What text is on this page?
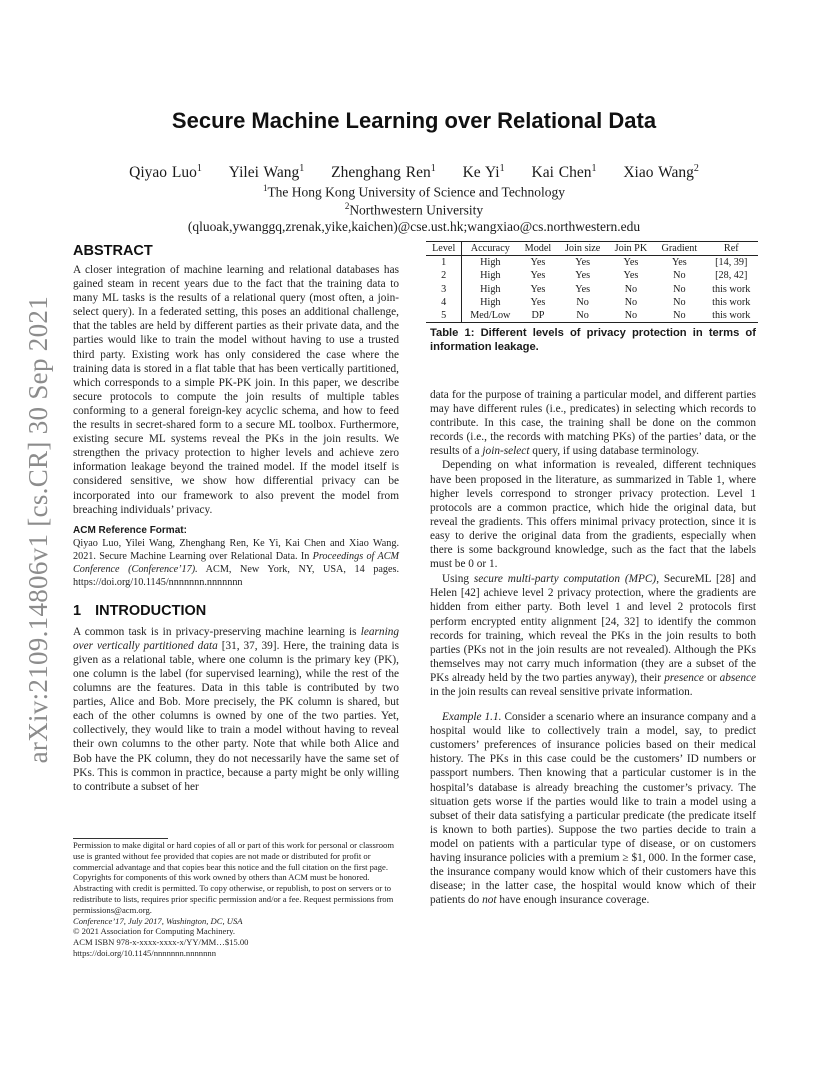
arXiv:2109.14806v1 [cs.CR] 30 Sep 2021
Secure Machine Learning over Relational Data
Qiyao Luo$^1$ Yilei Wang$^1$ Zhenghang Ren$^1$ Ke Yi$^1$ Kai Chen$^1$ Xiao Wang$^2$
$^1$The Hong Kong University of Science and Technology
$^2$Northwestern University
(qluoak,ywanggq,zrenak,yike,kaichen)@cse.ust.hk;wangxiao@cs.northwestern.edu
ABSTRACT

A closer integration of machine learning and relational databases has gained steam in recent years due to the fact that the training data to many ML tasks is the results of a relational query (most often, a join-select query). In a federated setting, this poses an additional challenge, that the tables are held by different parties as their private data, and the parties would like to train the model without having to use a trusted third party. Existing work has only considered the case where the training data is stored in a flat table that has been vertically partitioned, which corresponds to a simple PK-PK join. In this paper, we describe secure protocols to compute the join results of multiple tables conforming to a general foreign-key acyclic schema, and how to feed the results in secret-shared form to a secure ML toolbox. Furthermore, existing secure ML systems reveal the PKs in the join results. We strengthen the privacy protection to higher levels and achieve zero information leakage beyond the trained model. If the model itself is considered sensitive, we show how differential privacy can be incorporated into our framework to also prevent the model from breaching individuals’ privacy.

ACM Reference Format:
Qiyao Luo, Yilei Wang, Zhenghang Ren, Ke Yi, Kai Chen and Xiao Wang. 2021. Secure Machine Learning over Relational Data. In Proceedings of ACM Conference (Conference’17). ACM, New York, NY, USA, 14 pages. https://doi.org/10.1145/nnnnnnn.nnnnnnn
1 INTRODUCTION

A common task is in privacy-preserving machine learning is learning over vertically partitioned data [31, 37, 39]. Here, the training data is given as a relational table, where one column is the primary key (PK), one column is the label (for supervised learning), while the rest of the columns are the features. Data in this table is contributed by two parties, Alice and Bob. More precisely, the PK column is shared, but each of the other columns is owned by one of the two parties. Yet, collectively, they would like to train a model without having to reveal their own columns to the other party. Note that while both Alice and Bob have the PK column, they do not necessarily have the same set of PKs. This is common in practice, because a party might be only willing to contribute a subset of her

Permission to make digital or hard copies of all or part of this work for personal or classroom use is granted without fee provided that copies are not made or distributed for profit or commercial advantage and that copies bear this notice and the full citation on the first page. Copyrights for components of this work owned by others than ACM must be honored. Abstracting with credit is permitted. To copy otherwise, or republish, to post on servers or to redistribute to lists, requires prior specific permission and/or a fee. Request permissions from permissions@acm.org.
Conference’17, July 2017, Washington, DC, USA
© 2021 Association for Computing Machinery.
ACM ISBN 978-x-xxxx-xxxx-x/YY/MM…$15.00
https://doi.org/10.1145/nnnnnnn.nnnnnnn
Level	Accuracy	Model	Join size	Join PK	Gradient	Ref
1	High	Yes	Yes	Yes	Yes	[14, 39]
2	High	Yes	Yes	Yes	No	[28, 42]
3	High	Yes	Yes	No	No	this work
4	High	Yes	No	No	No	this work
5	Med/Low	DP	No	No	No	this work
Table 1: Different levels of privacy protection in terms of information leakage.

data for the purpose of training a particular model, and different parties may have different rules (i.e., predicates) in selecting which records to contribute. In this case, the training shall be done on the common records (i.e., the records with matching PKs) of the parties’ data, or the results of a join-select query, if using database terminology.

Depending on what information is revealed, different techniques have been proposed in the literature, as summarized in Table 1, where higher levels correspond to stronger privacy protection. Level 1 protocols are a common practice, which hide the original data, but reveal the gradients. This offers minimal privacy protection, since it is easy to derive the original data from the gradients, especially when there is some background knowledge, such as the fact that the labels must be 0 or 1.

Using secure multi-party computation (MPC), SecureML [28] and Helen [42] achieve level 2 privacy protection, where the gradients are hidden from either party. Both level 1 and level 2 protocols first perform encrypted entity alignment [24, 32] to identify the common records for training, which reveal the PKs in the join results to both parties (PKs not in the join results are not revealed). Although the PKs themselves may not carry much information (they are a subset of the PKs already held by the two parties anyway), their presence or absence in the join results can reveal sensitive private information.

Example 1.1. Consider a scenario where an insurance company and a hospital would like to collectively train a model, say, to predict customers’ preferences of insurance policies based on their medical history. The PKs in this case could be the customers’ ID numbers or passport numbers. Then knowing that a particular customer is in the hospital’s database is already breaching the customer’s privacy. The situation gets worse if the parties would like to train a model using a subset of their data satisfying a particular predicate (the predicate itself is known to both parties). Suppose the two parties decide to train a model on patients with a particular type of disease, or on customers having insurance policies with a premium ≥ $1, 000. In the former case, the insurance company would know which of their customers have this disease; in the latter case, the hospital would know which of their patients do not have enough insurance coverage.
